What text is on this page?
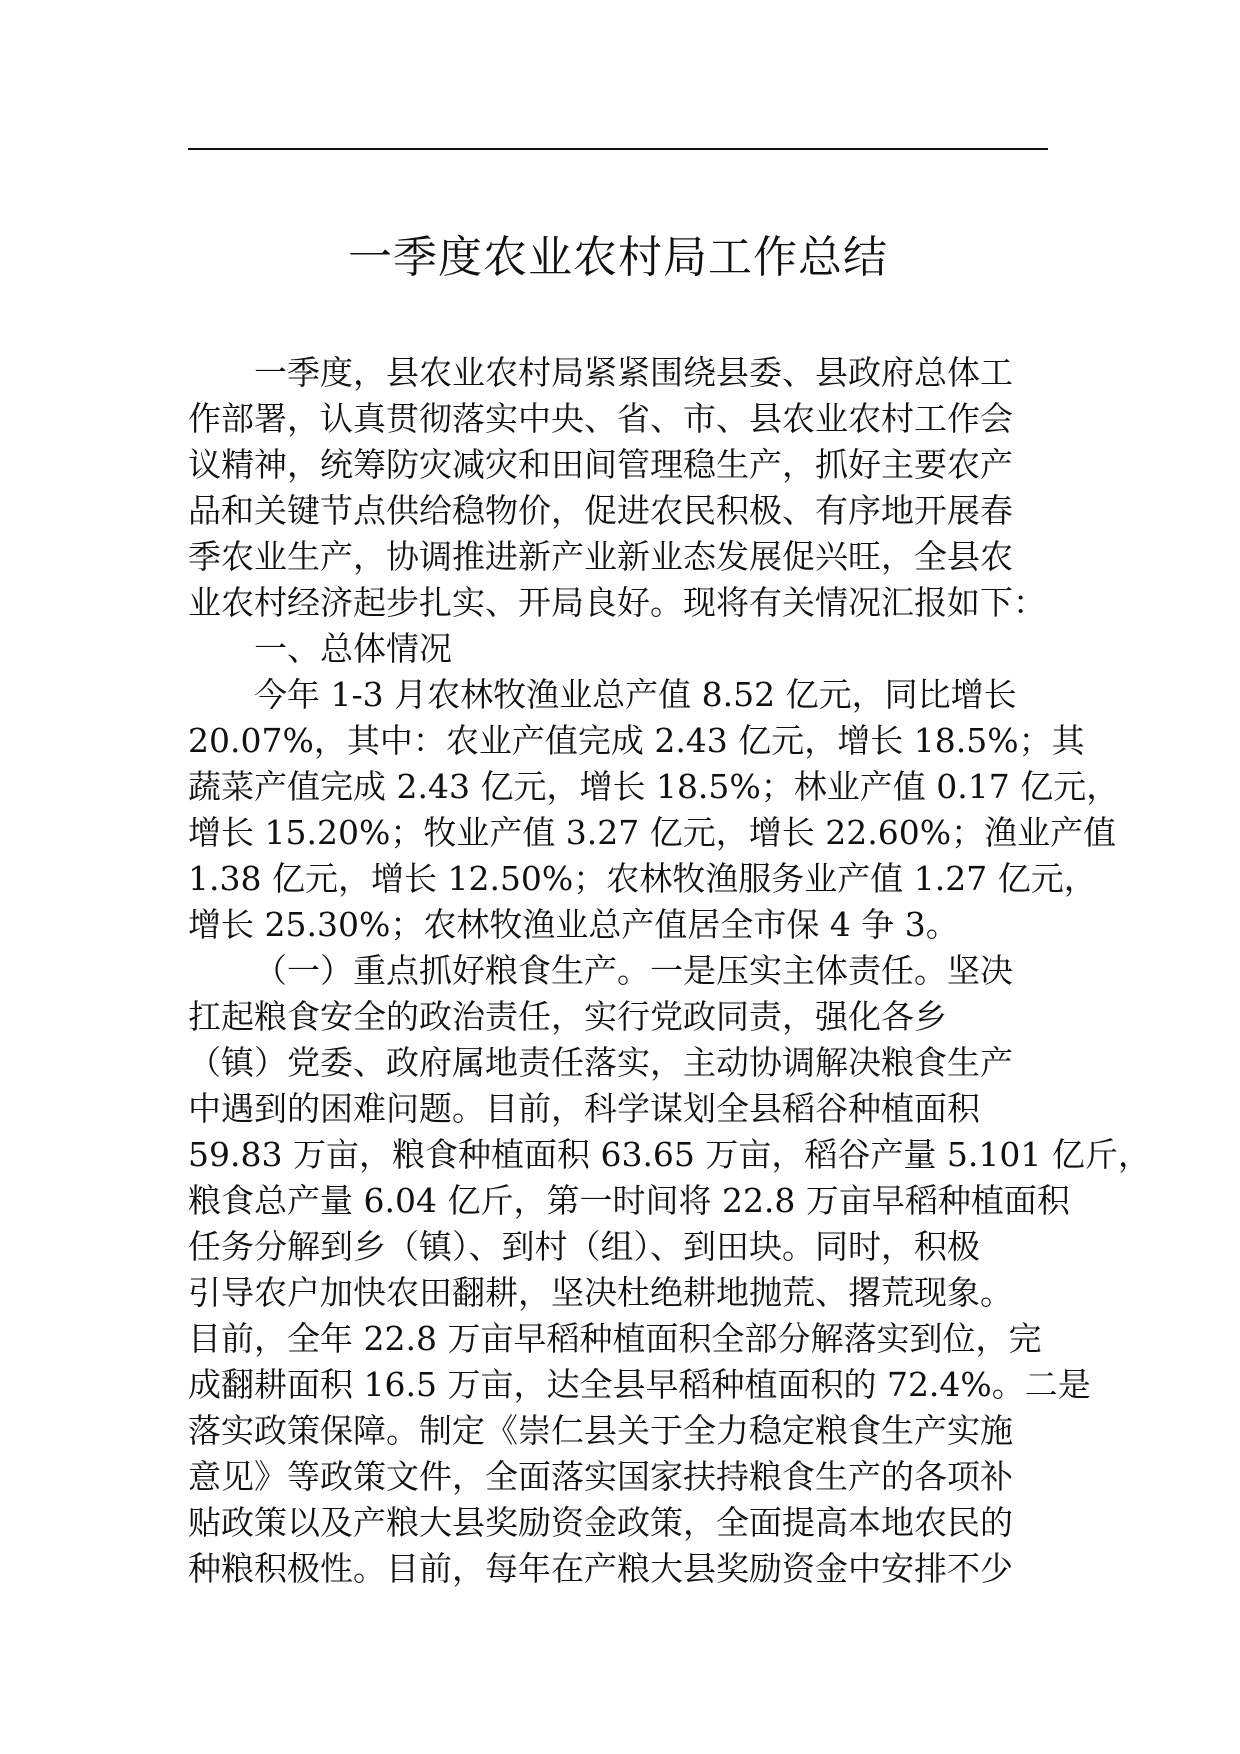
一季度农业农村局工作总结
一季度，县农业农村局紧紧围绕县委、县政府总体工
作部署，认真贯彻落实中央、省、市、县农业农村工作会
议精神，统筹防灾减灾和田间管理稳生产，抓好主要农产
品和关键节点供给稳物价，促进农民积极、有序地开展春
季农业生产，协调推进新产业新业态发展促兴旺，全县农
业农村经济起步扎实、开局良好。现将有关情况汇报如下：
一、总体情况
今年 1-3 月农林牧渔业总产值 8.52 亿元，同比增长
20.07%，其中：农业产值完成 2.43 亿元，增长 18.5%；其
蔬菜产值完成 2.43 亿元，增长 18.5%；林业产值 0.17 亿元，
增长 15.20%；牧业产值 3.27 亿元，增长 22.60%；渔业产值
1.38 亿元，增长 12.50%；农林牧渔服务业产值 1.27 亿元，
增长 25.30%；农林牧渔业总产值居全市保 4 争 3。
（一）重点抓好粮食生产。一是压实主体责任。坚决
扛起粮食安全的政治责任，实行党政同责，强化各乡
（镇）党委、政府属地责任落实，主动协调解决粮食生产
中遇到的困难问题。目前，科学谋划全县稻谷种植面积
59.83 万亩，粮食种植面积 63.65 万亩，稻谷产量 5.101 亿斤，
粮食总产量 6.04 亿斤，第一时间将 22.8 万亩早稻种植面积
任务分解到乡（镇）、到村（组）、到田块。同时，积极
引导农户加快农田翻耕，坚决杜绝耕地抛荒、撂荒现象。
目前，全年 22.8 万亩早稻种植面积全部分解落实到位，完
成翻耕面积 16.5 万亩，达全县早稻种植面积的 72.4%。二是
落实政策保障。制定《崇仁县关于全力稳定粮食生产实施
意见》等政策文件，全面落实国家扶持粮食生产的各项补
贴政策以及产粮大县奖励资金政策，全面提高本地农民的
种粮积极性。目前，每年在产粮大县奖励资金中安排不少
